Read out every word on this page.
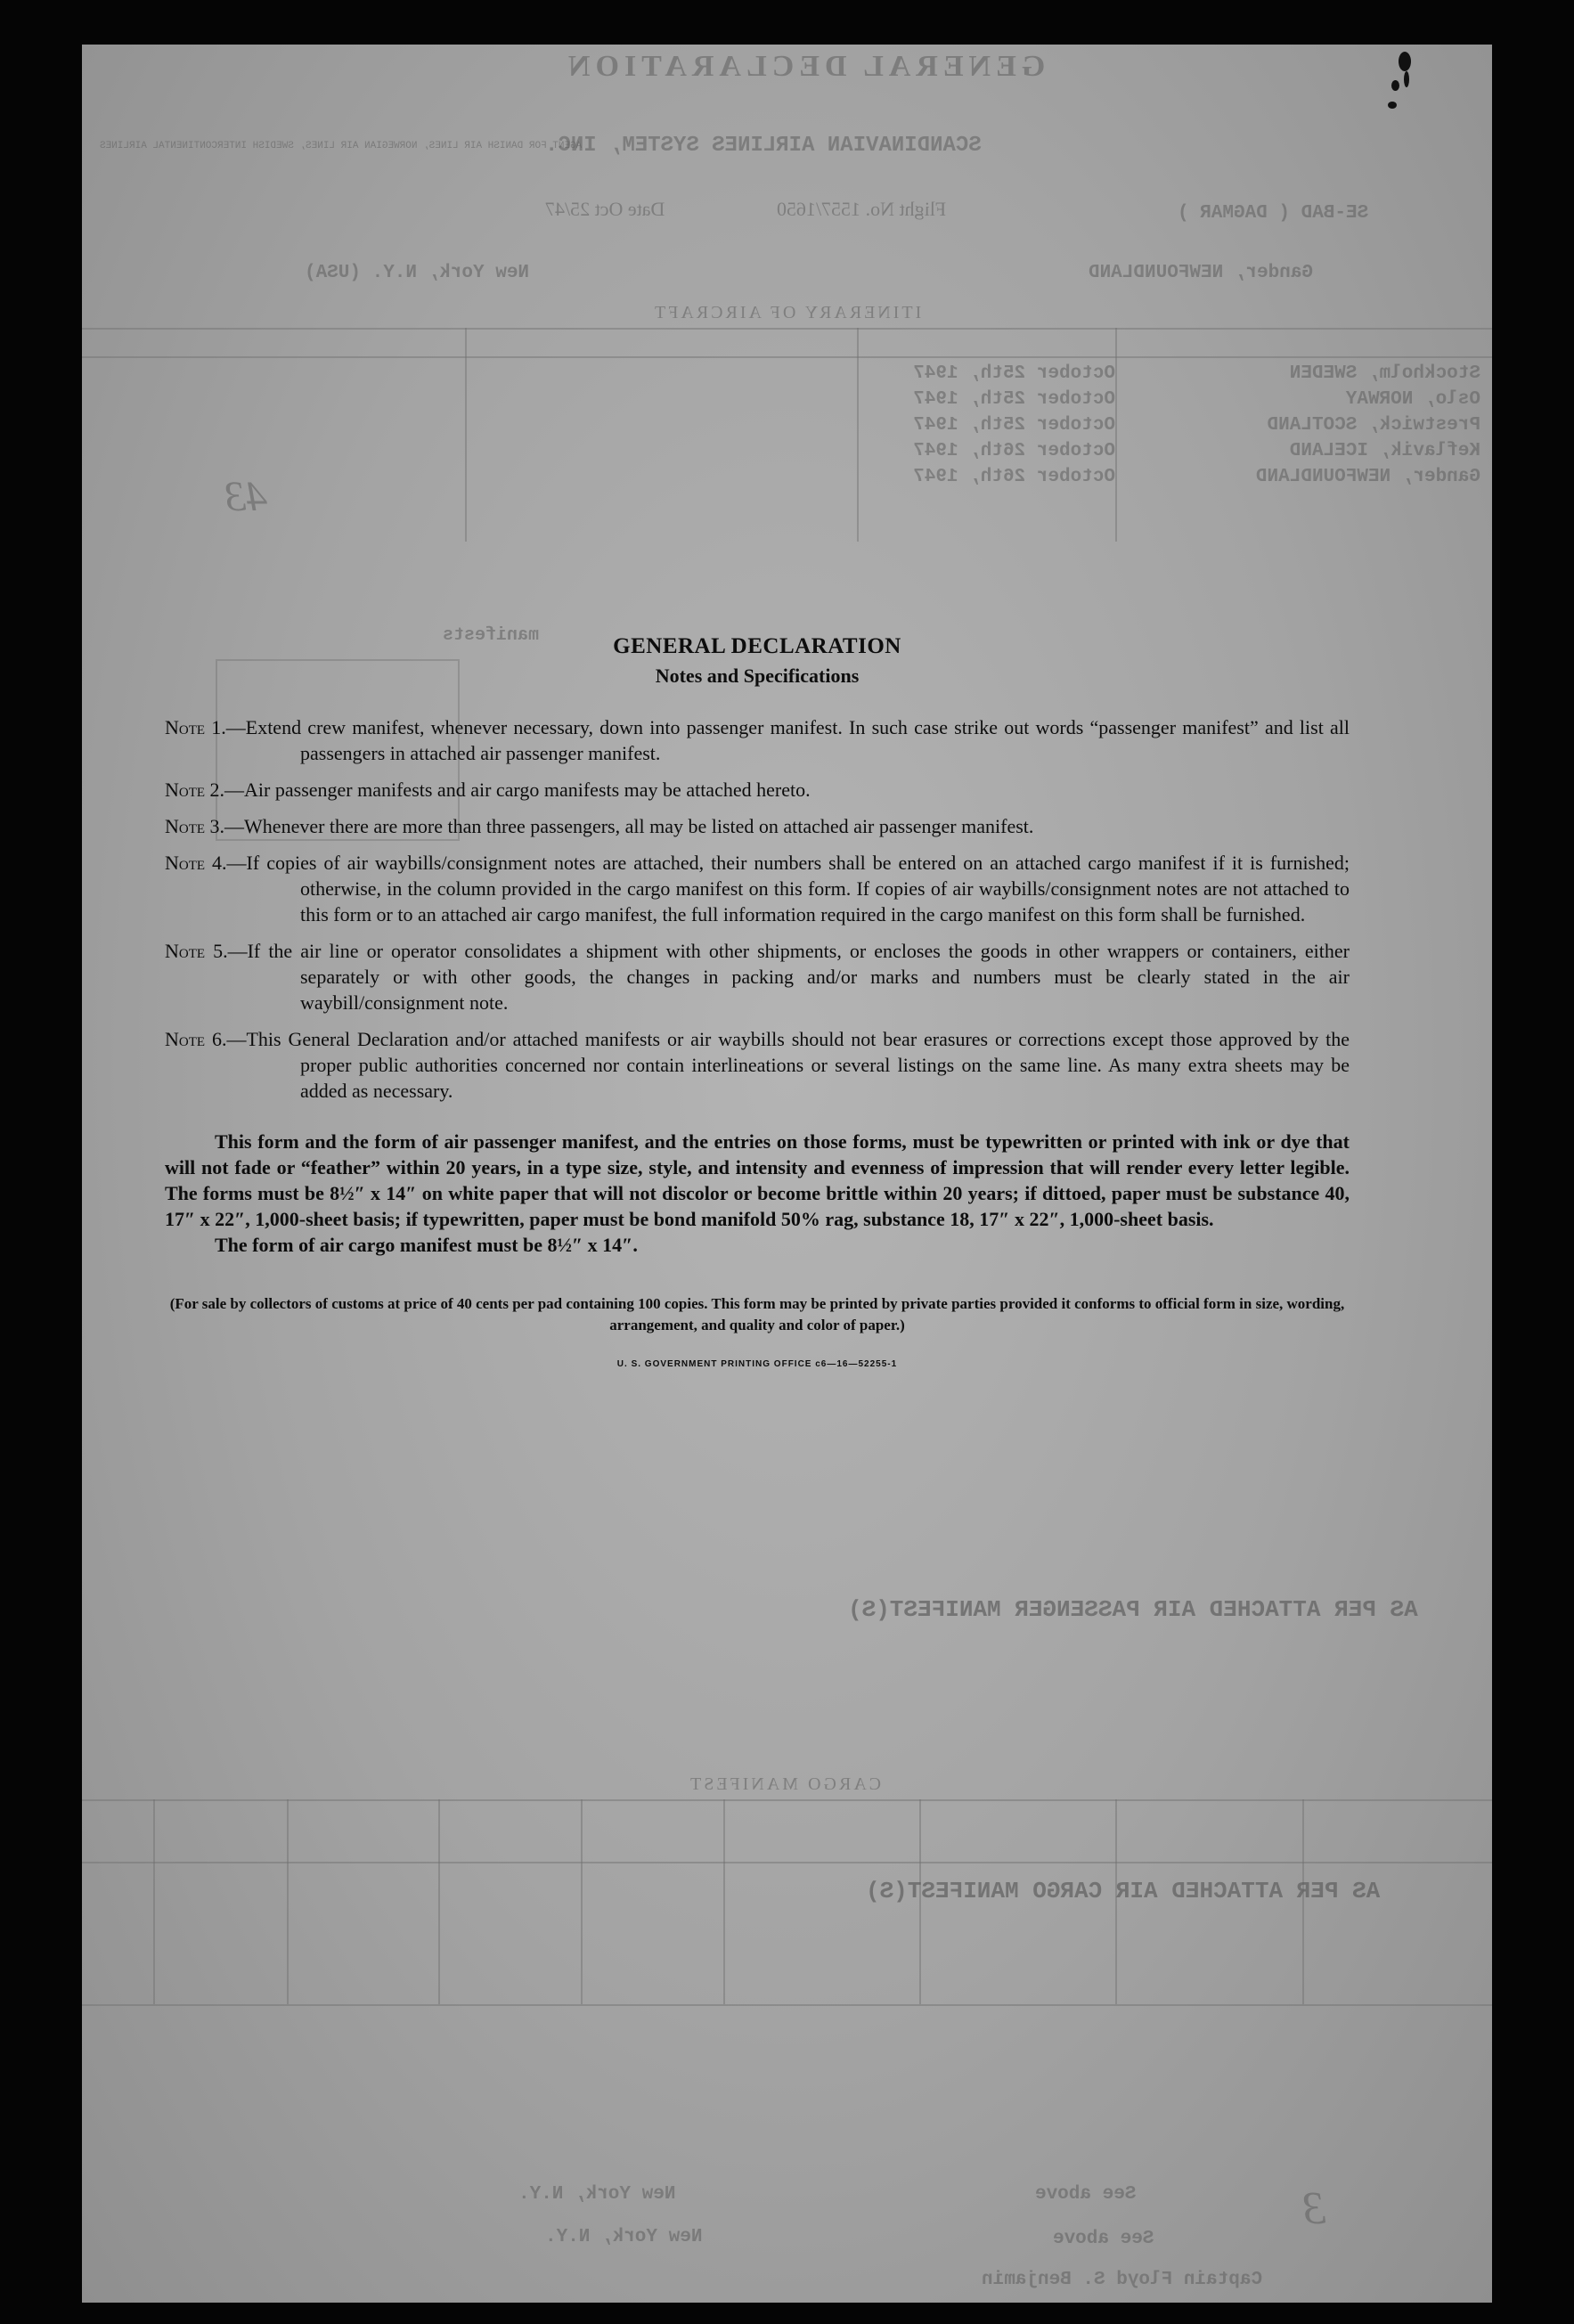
GENERAL DECLARATION
SCANDINAVIAN AIRLINES SYSTEM, INC.
AGENT FOR DANISH AIR LINES, NORWEGIAN AIR LINES, SWEDISH INTERCONTINENTAL AIRLINES
SE-BAD ( DAGMAR )
Flight No. 1557/1650
Date Oct 25/47
Gander, NEWFOUNDLAND
New York, N.Y. (USA)
ITINERARY OF AIRCRAFT
Stockholm, SWEDEN
Oslo, NORWAY
Prestwick, SCOTLAND
Keflavik, ICELAND
Gander, NEWFOUNDLAND
October 25th, 1947
October 25th, 1947
October 25th, 1947
October 26th, 1947
October 26th, 1947
43
manifests
AS PER ATTACHED AIR PASSENGER MANIFEST(S)
CARGO MANIFEST
AS PER ATTACHED AIR CARGO MANIFEST(S)
New York, N.Y.	See above
New York, N.Y.	See above
Captain Floyd S. Benjamin
3
GENERAL DECLARATION
Notes and Specifications
Note 1.—Extend crew manifest, whenever necessary, down into passenger manifest. In such case strike out words “passenger manifest” and list all passengers in attached air passenger manifest.
Note 2.—Air passenger manifests and air cargo manifests may be attached hereto.
Note 3.—Whenever there are more than three passengers, all may be listed on attached air passenger manifest.
Note 4.—If copies of air waybills/consignment notes are attached, their numbers shall be entered on an attached cargo manifest if it is furnished; otherwise, in the column provided in the cargo manifest on this form. If copies of air waybills/consignment notes are not attached to this form or to an attached air cargo manifest, the full information required in the cargo manifest on this form shall be furnished.
Note 5.—If the air line or operator consolidates a shipment with other shipments, or encloses the goods in other wrappers or containers, either separately or with other goods, the changes in packing and/or marks and numbers must be clearly stated in the air waybill/consignment note.
Note 6.—This General Declaration and/or attached manifests or air waybills should not bear erasures or corrections except those approved by the proper public authorities concerned nor contain interlineations or several listings on the same line. As many extra sheets may be added as necessary.
This form and the form of air passenger manifest, and the entries on those forms, must be typewritten or printed with ink or dye that will not fade or “feather” within 20 years, in a type size, style, and intensity and evenness of impression that will render every letter legible. The forms must be 8½″ x 14″ on white paper that will not discolor or become brittle within 20 years; if dittoed, paper must be substance 40, 17″ x 22″, 1,000-sheet basis; if typewritten, paper must be bond manifold 50% rag, substance 18, 17″ x 22″, 1,000-sheet basis.
The form of air cargo manifest must be 8½″ x 14″.
(For sale by collectors of customs at price of 40 cents per pad containing 100 copies. This form may be printed by private parties provided it conforms to official form in size, wording, arrangement, and quality and color of paper.)
U. S. GOVERNMENT PRINTING OFFICE c6—16—52255-1
